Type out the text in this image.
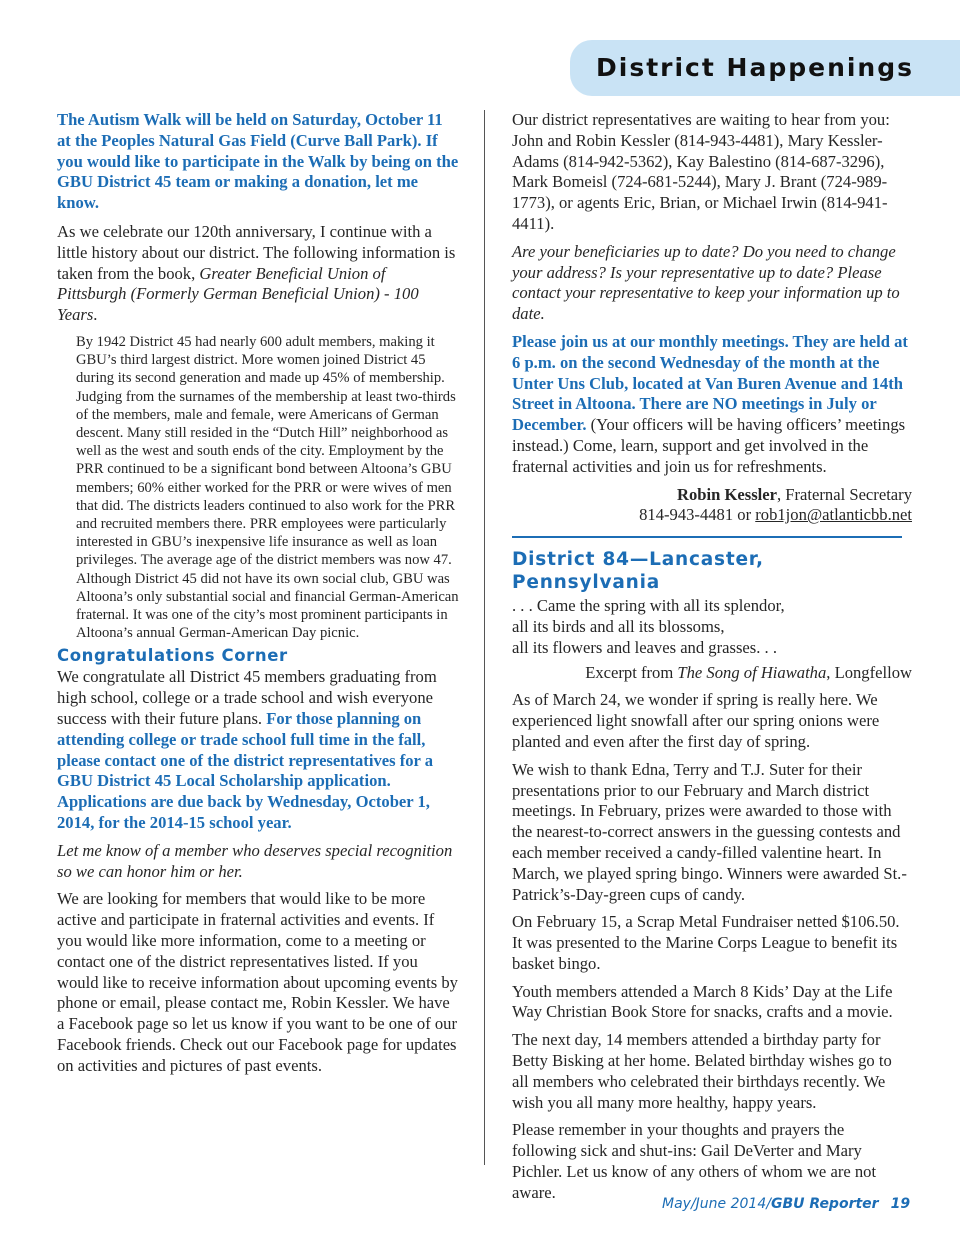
District Happenings

The Autism Walk will be held on Saturday, October 11 at the Peoples Natural Gas Field (Curve Ball Park). If you would like to participate in the Walk by being on the GBU District 45 team or making a donation, let me know.

As we celebrate our 120th anniversary, I continue with a little history about our district. The following information is taken from the book, Greater Beneficial Union of Pittsburgh (Formerly German Beneficial Union) - 100 Years.

By 1942 District 45 had nearly 600 adult members, making it GBU’s third largest district. More women joined District 45 during its second generation and made up 45% of membership. Judging from the surnames of the membership at least two-thirds of the members, male and female, were Americans of German descent. Many still resided in the “Dutch Hill” neighborhood as well as the west and south ends of the city. Employment by the PRR continued to be a significant bond between Altoona’s GBU members; 60% either worked for the PRR or were wives of men that did. The districts leaders continued to also work for the PRR and recruited members there. PRR employees were particularly interested in GBU’s inexpensive life insurance as well as loan privileges. The average age of the district members was now 47. Although District 45 did not have its own social club, GBU was Altoona’s only substantial social and financial German-American fraternal. It was one of the city’s most prominent participants in Altoona’s annual German-American Day picnic.

Congratulations Corner

We congratulate all District 45 members graduating from high school, college or a trade school and wish everyone success with their future plans. For those planning on attending college or trade school full time in the fall, please contact one of the district representatives for a GBU District 45 Local Scholarship application. Applications are due back by Wednesday, October 1, 2014, for the 2014-15 school year.

Let me know of a member who deserves special recognition so we can honor him or her.

We are looking for members that would like to be more active and participate in fraternal activities and events. If you would like more information, come to a meeting or contact one of the district representatives listed. If you would like to receive information about upcoming events by phone or email, please contact me, Robin Kessler. We have a Facebook page so let us know if you want to be one of our Facebook friends. Check out our Facebook page for updates on activities and pictures of past events.

Our district representatives are waiting to hear from you: John and Robin Kessler (814-943-4481), Mary Kessler-Adams (814-942-5362), Kay Balestino (814-687-3296), Mark Bomeisl (724-681-5244), Mary J. Brant (724-989-1773), or agents Eric, Brian, or Michael Irwin (814-941-4411).

Are your beneficiaries up to date? Do you need to change your address? Is your representative up to date? Please contact your representative to keep your information up to date.

Please join us at our monthly meetings. They are held at 6 p.m. on the second Wednesday of the month at the Unter Uns Club, located at Van Buren Avenue and 14th Street in Altoona. There are NO meetings in July or December. (Your officers will be having officers’ meetings instead.) Come, learn, support and get involved in the fraternal activities and join us for refreshments.

Robin Kessler, Fraternal Secretary
814-943-4481 or rob1jon@atlanticbb.net

District 84—Lancaster, Pennsylvania

. . . Came the spring with all its splendor,
all its birds and all its blossoms,
all its flowers and leaves and grasses. . .

Excerpt from The Song of Hiawatha, Longfellow

As of March 24, we wonder if spring is really here. We experienced light snowfall after our spring onions were planted and even after the first day of spring.

We wish to thank Edna, Terry and T.J. Suter for their presentations prior to our February and March district meetings. In February, prizes were awarded to those with the nearest-to-correct answers in the guessing contests and each member received a candy-filled valentine heart. In March, we played spring bingo. Winners were awarded St.-Patrick’s-Day-green cups of candy.

On February 15, a Scrap Metal Fundraiser netted $106.50. It was presented to the Marine Corps League to benefit its basket bingo.

Youth members attended a March 8 Kids’ Day at the Life Way Christian Book Store for snacks, crafts and a movie.

The next day, 14 members attended a birthday party for Betty Bisking at her home. Belated birthday wishes go to all members who celebrated their birthdays recently. We wish you all many more healthy, happy years.

Please remember in your thoughts and prayers the following sick and shut-ins: Gail DeVerter and Mary Pichler. Let us know of any others of whom we are not aware.

May/June 2014/GBU Reporter 19
